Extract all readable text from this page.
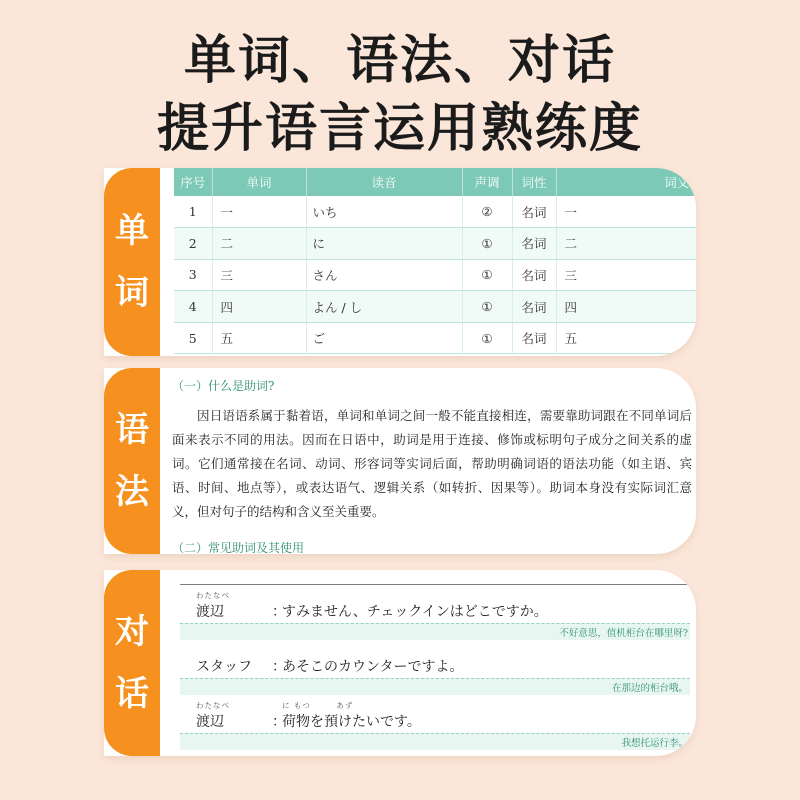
单词、语法、对话
提升语言运用熟练度
序号	单词	读音	声调	词性	词义
1	一	いち	②	名词	一
2	二	に	①	名词	二
3	三	さん	①	名词	三
4	四	よん / し	①	名词	四
5	五	ご	①	名词	五
单
词
（一）什么是助词?
因日语语系属于黏着语，单词和单词之间一般不能直接相连，需要靠助词跟在不同单词后面来表示不同的用法。因而在日语中，助词是用于连接、修饰或标明句子成分之间关系的虚词。它们通常接在名词、动词、形容词等实词后面，帮助明确词语的语法功能（如主语、宾语、时间、地点等），或表达语气、逻辑关系（如转折、因果等）。助词本身没有实际词汇意义，但对句子的结构和含义至关重要。
（二）常见助词及其使用
语
法
わたなべ
渡辺	：
すみません、チェックインはどこですか。
不好意思，值机柜台在哪里呀?
スタッフ ：
あそこのカウンターですよ。
在那边的柜台哦。
わたなべ	に もつ　　　あず
渡辺	：
荷物を預けたいです。
我想托运行李。
对
话
